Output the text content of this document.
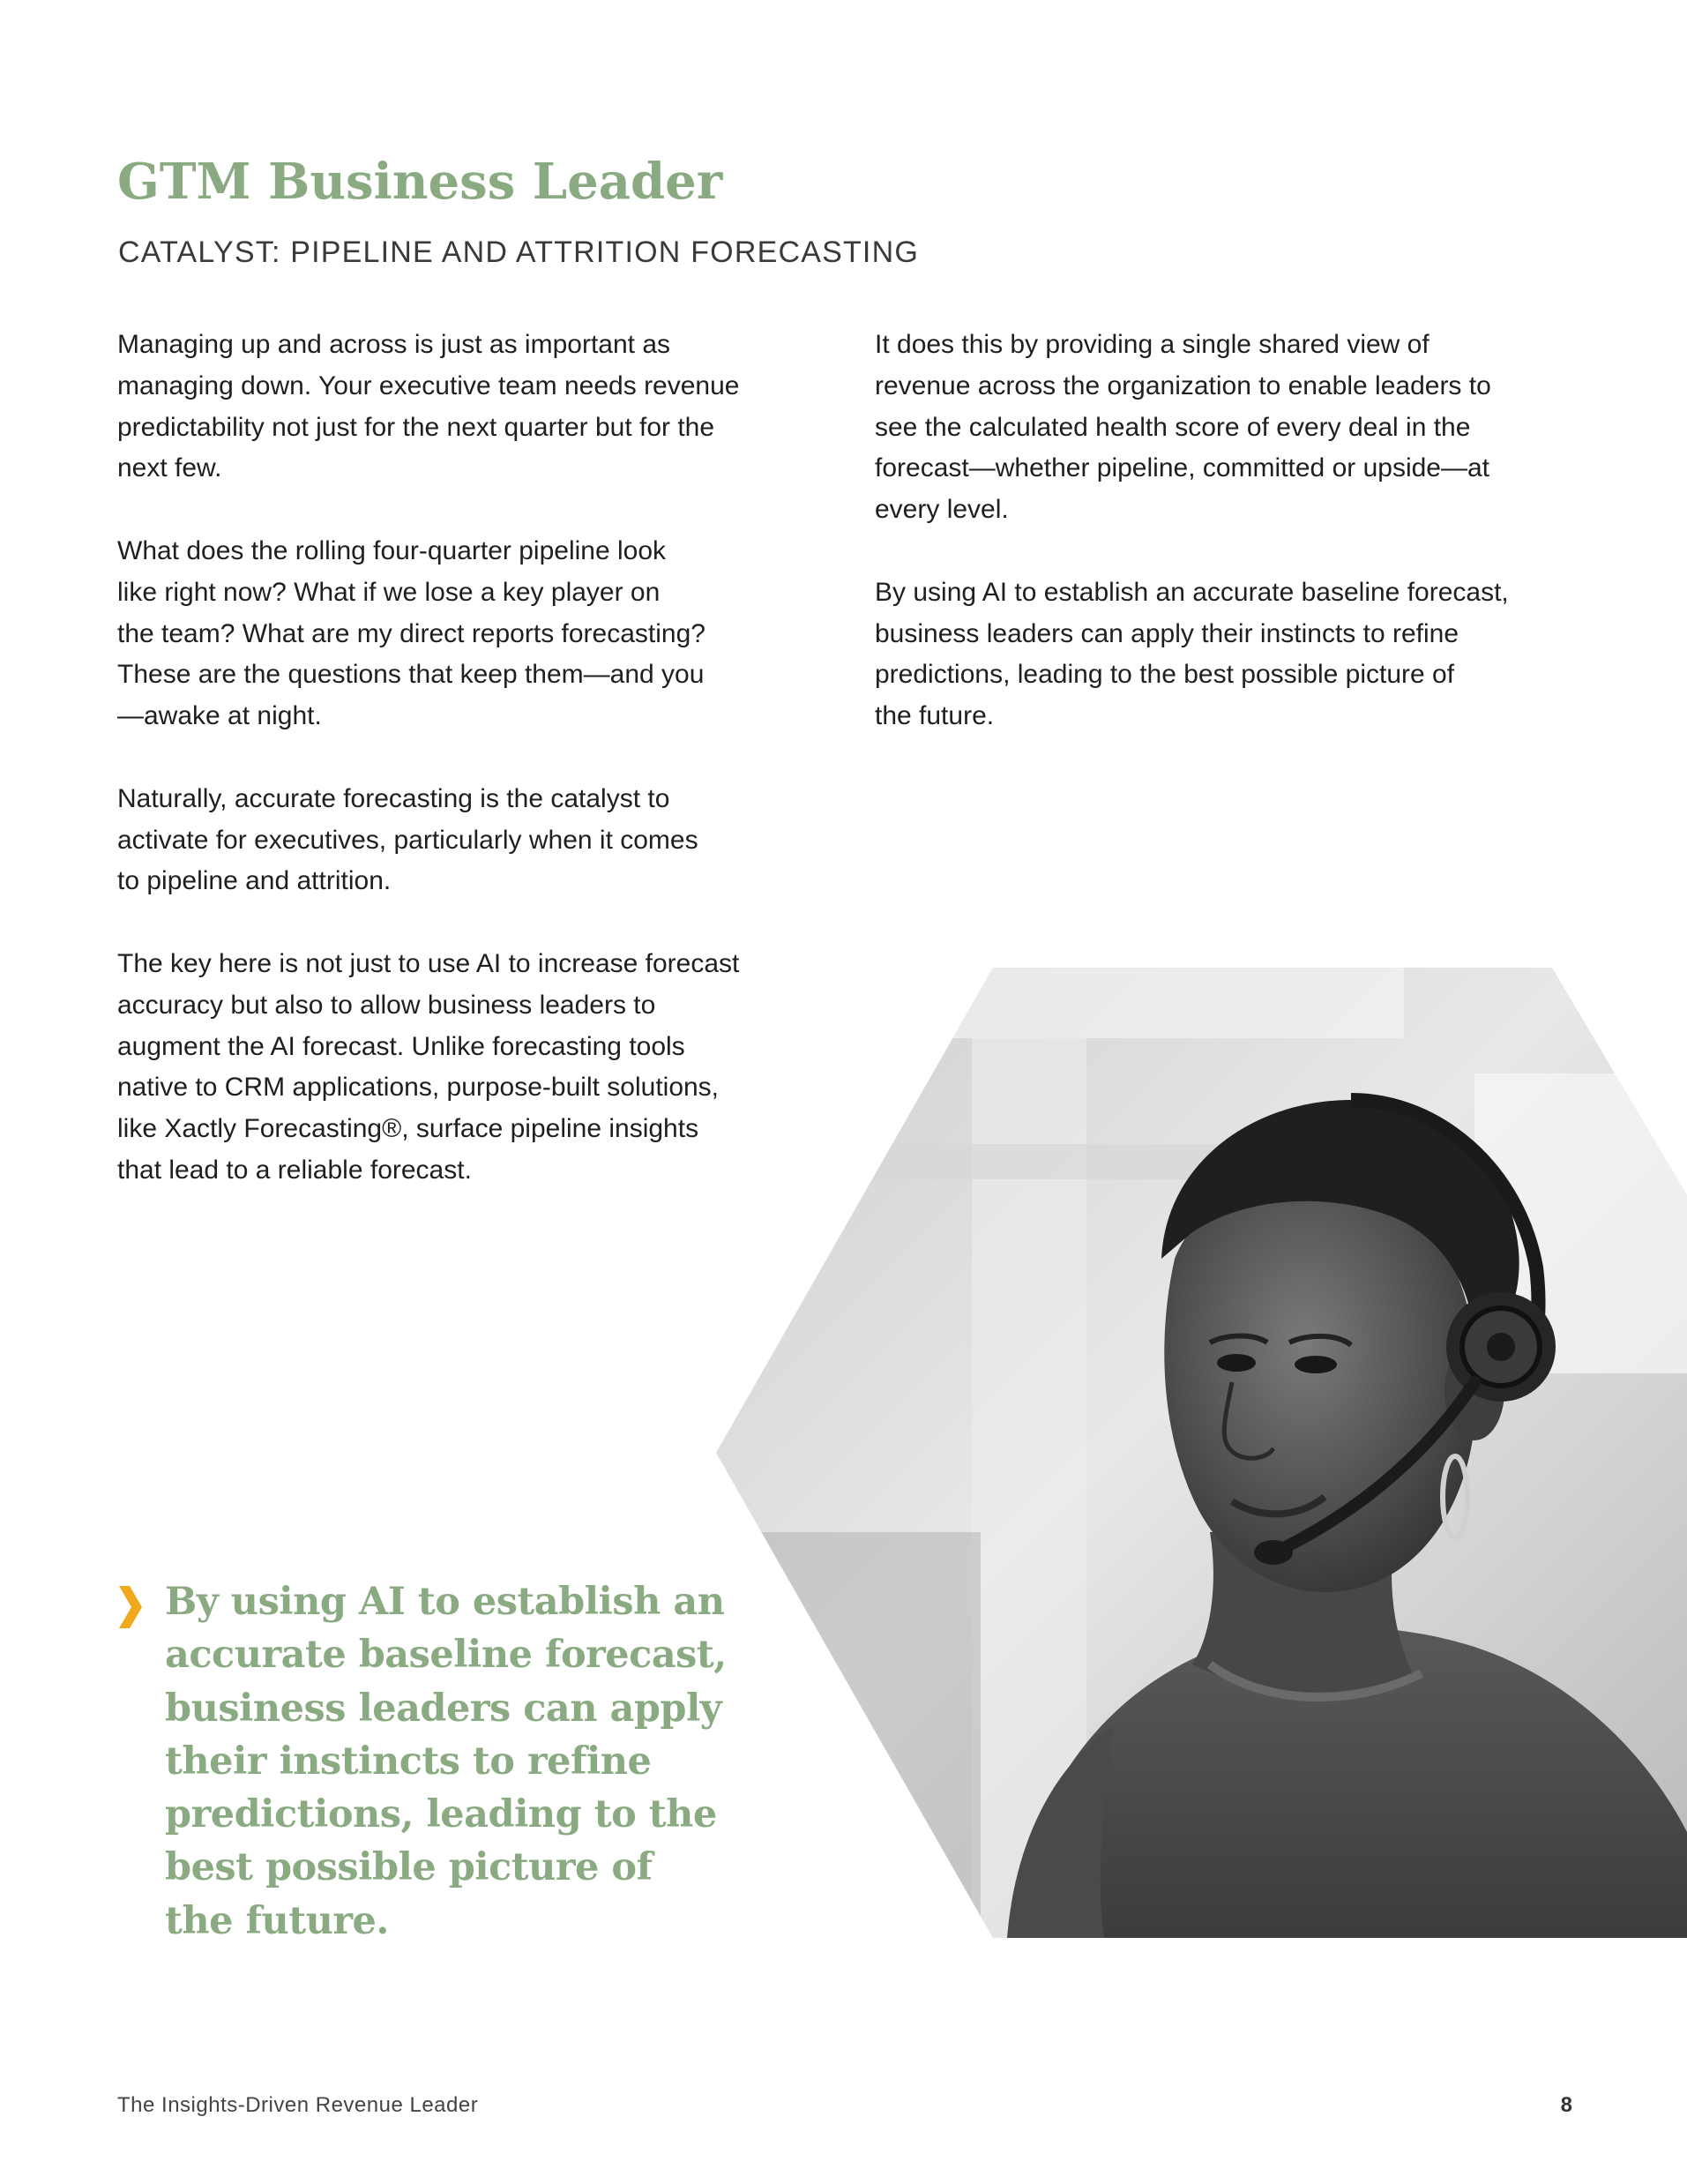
GTM Business Leader
CATALYST: PIPELINE AND ATTRITION FORECASTING

Managing up and across is just as important as
managing down. Your executive team needs revenue
predictability not just for the next quarter but for the
next few.

What does the rolling four-quarter pipeline look
like right now? What if we lose a key player on
the team? What are my direct reports forecasting?
These are the questions that keep them—and you
—awake at night.

Naturally, accurate forecasting is the catalyst to
activate for executives, particularly when it comes
to pipeline and attrition.

The key here is not just to use AI to increase forecast
accuracy but also to allow business leaders to
augment the AI forecast. Unlike forecasting tools
native to CRM applications, purpose-built solutions,
like Xactly Forecasting®, surface pipeline insights
that lead to a reliable forecast.

It does this by providing a single shared view of
revenue across the organization to enable leaders to
see the calculated health score of every deal in the
forecast—whether pipeline, committed or upside—at
every level.

By using AI to establish an accurate baseline forecast,
business leaders can apply their instincts to refine
predictions, leading to the best possible picture of
the future.

By using AI to establish an
accurate baseline forecast,
business leaders can apply
their instincts to refine
predictions, leading to the
best possible picture of
the future.

The Insights-Driven Revenue Leader	8
